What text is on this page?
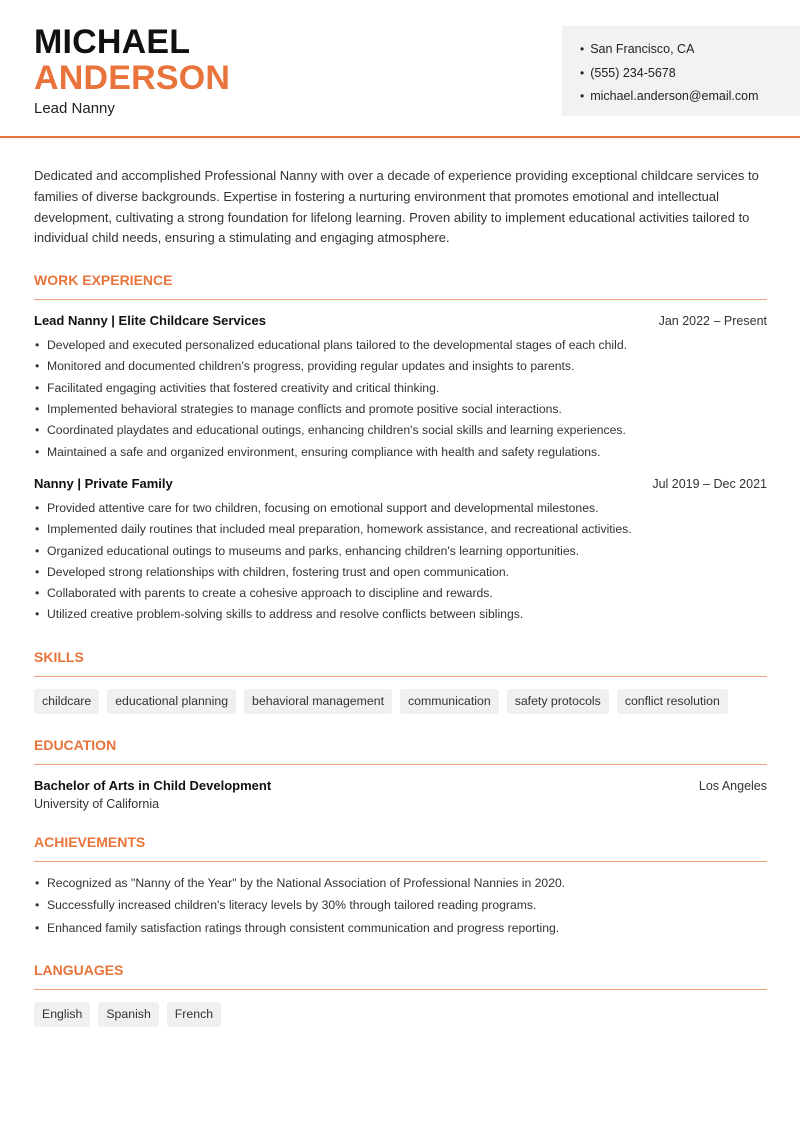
MICHAEL
ANDERSON
Lead Nanny
• San Francisco, CA
• (555) 234-5678
• michael.anderson@email.com

Dedicated and accomplished Professional Nanny with over a decade of experience providing exceptional childcare services to families of diverse backgrounds. Expertise in fostering a nurturing environment that promotes emotional and intellectual development, cultivating a strong foundation for lifelong learning. Proven ability to implement educational activities tailored to individual child needs, ensuring a stimulating and engaging atmosphere.

WORK EXPERIENCE
Lead Nanny | Elite Childcare Services	Jan 2022 – Present
• Developed and executed personalized educational plans tailored to the developmental stages of each child.
• Monitored and documented children's progress, providing regular updates and insights to parents.
• Facilitated engaging activities that fostered creativity and critical thinking.
• Implemented behavioral strategies to manage conflicts and promote positive social interactions.
• Coordinated playdates and educational outings, enhancing children's social skills and learning experiences.
• Maintained a safe and organized environment, ensuring compliance with health and safety regulations.
Nanny | Private Family	Jul 2019 – Dec 2021
• Provided attentive care for two children, focusing on emotional support and developmental milestones.
• Implemented daily routines that included meal preparation, homework assistance, and recreational activities.
• Organized educational outings to museums and parks, enhancing children's learning opportunities.
• Developed strong relationships with children, fostering trust and open communication.
• Collaborated with parents to create a cohesive approach to discipline and rewards.
• Utilized creative problem-solving skills to address and resolve conflicts between siblings.
SKILLS
childcare	educational planning	behavioral management	communication	safety protocols	conflict resolution
EDUCATION
Bachelor of Arts in Child Development	Los Angeles
University of California
ACHIEVEMENTS
• Recognized as "Nanny of the Year" by the National Association of Professional Nannies in 2020.
• Successfully increased children's literacy levels by 30% through tailored reading programs.
• Enhanced family satisfaction ratings through consistent communication and progress reporting.
LANGUAGES
English	Spanish	French
